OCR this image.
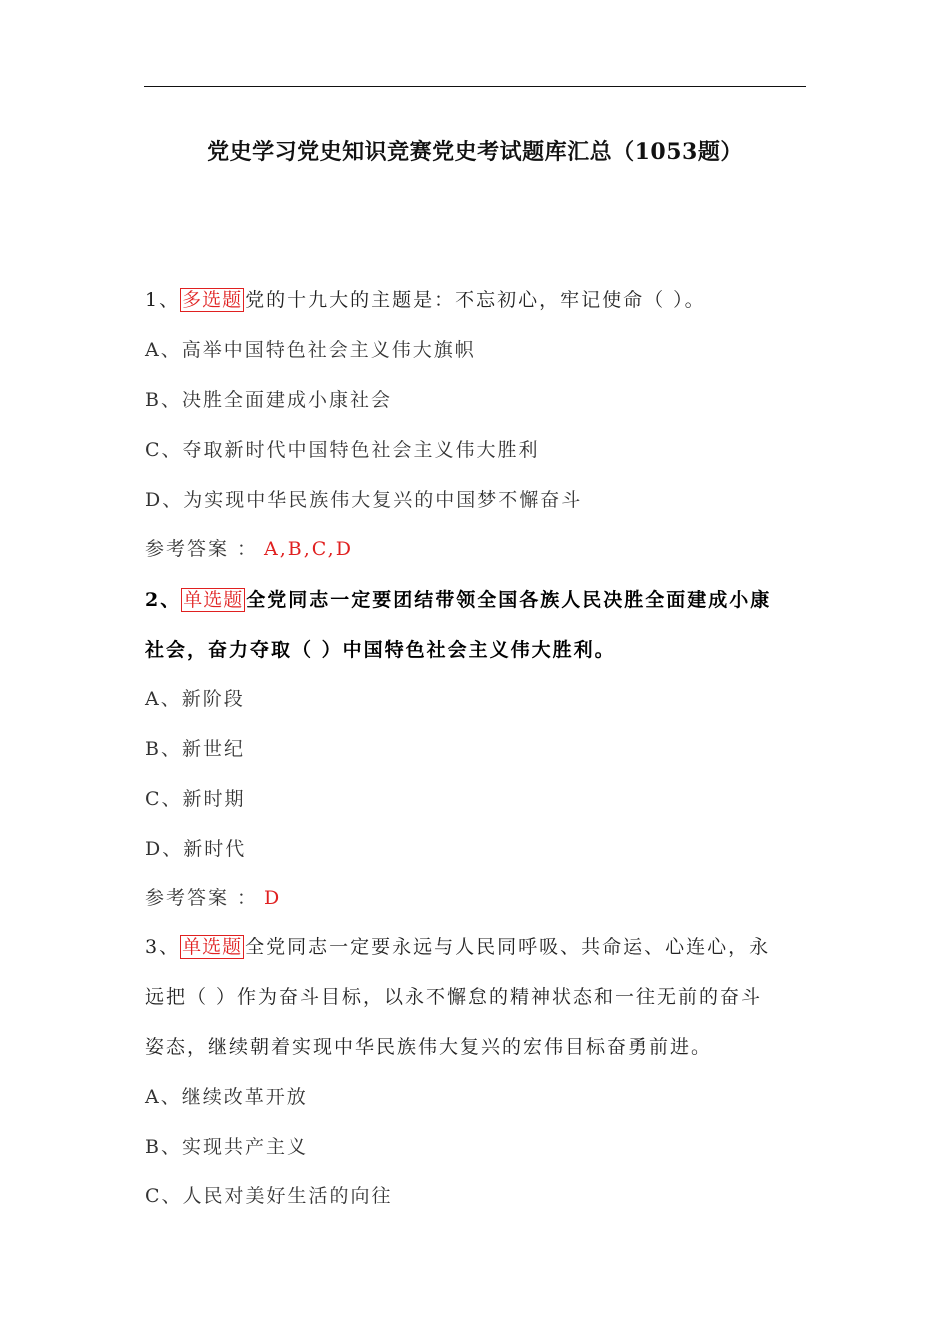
党史学习党史知识竞赛党史考试题库汇总（1053题）
1、 多选题 党的十九大的主题是：不忘初心，牢记使命（ ）。
A、高举中国特色社会主义伟大旗帜
B、决胜全面建成小康社会
C、夺取新时代中国特色社会主义伟大胜利
D、为实现中华民族伟大复兴的中国梦不懈奋斗
参考答案 ： A,B,C,D
2、 单选题 全党同志一定要团结带领全国各族人民决胜全面建成小康
社会，奋力夺取（ ）中国特色社会主义伟大胜利。
A、新阶段
B、新世纪
C、新时期
D、新时代
参考答案 ： D
3、 单选题 全党同志一定要永远与人民同呼吸、共命运、心连心，永
远把（ ）作为奋斗目标，以永不懈怠的精神状态和一往无前的奋斗
姿态，继续朝着实现中华民族伟大复兴的宏伟目标奋勇前进。
A、继续改革开放
B、实现共产主义
C、人民对美好生活的向往
